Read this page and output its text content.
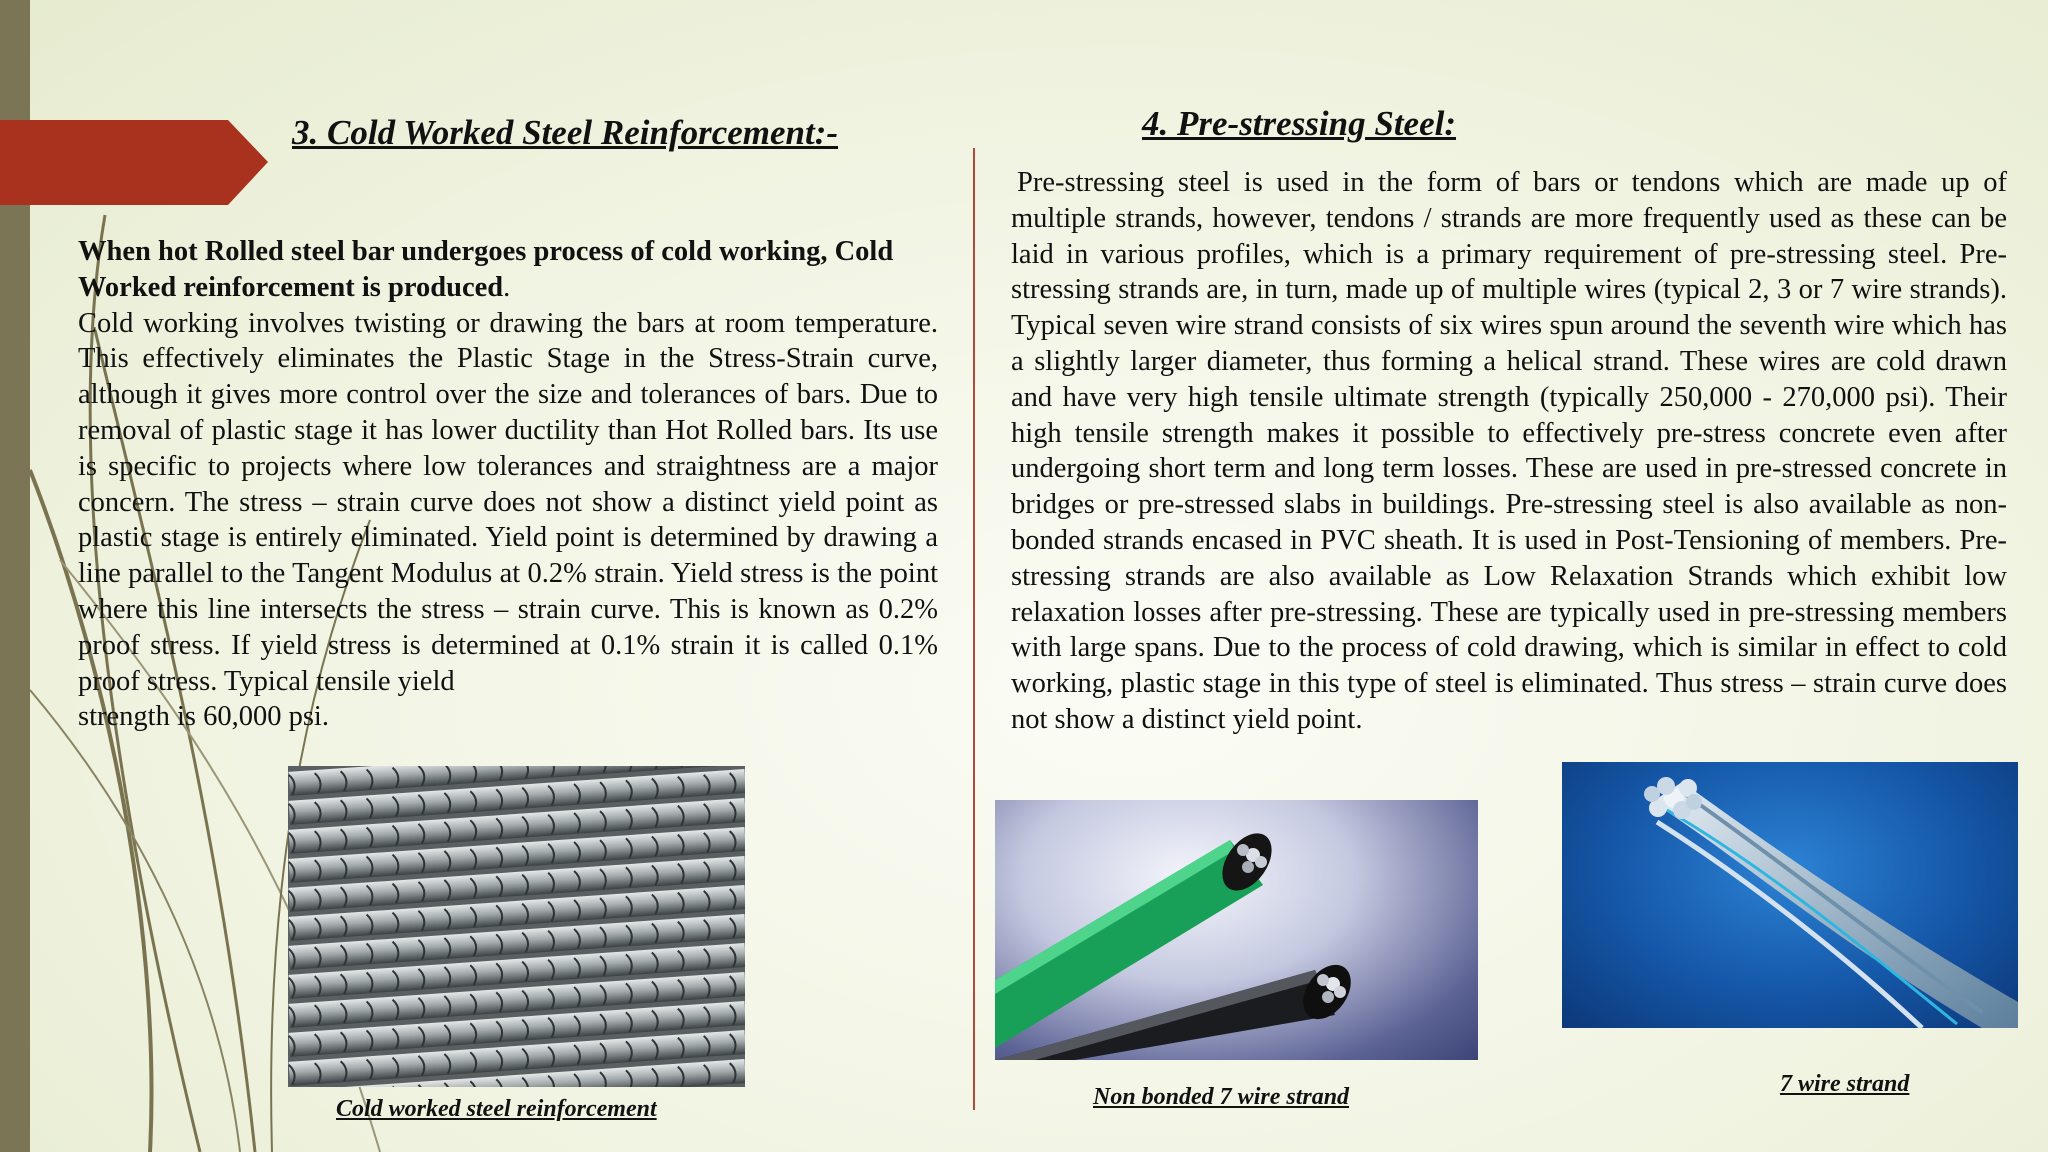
3. Cold Worked Steel Reinforcement:-
When hot Rolled steel bar undergoes process of cold working, Cold Worked reinforcement is produced.
Cold working involves twisting or drawing the bars at room temperature. This effectively eliminates the Plastic Stage in the Stress-Strain curve, although it gives more control over the size and tolerances of bars. Due to removal of plastic stage it has lower ductility than Hot Rolled bars. Its use is specific to projects where low tolerances and straightness are a major concern. The stress – strain curve does not show a distinct yield point as plastic stage is entirely eliminated. Yield point is determined by drawing a line parallel to the Tangent Modulus at 0.2% strain. Yield stress is the point where this line intersects the stress – strain curve. This is known as 0.2% proof stress. If yield stress is determined at 0.1% strain it is called 0.1% proof stress. Typical tensile yield
strength is 60,000 psi.
4. Pre-stressing Steel:

Pre-stressing steel is used in the form of bars or tendons which are made up of multiple strands, however, tendons / strands are more frequently used as these can be laid in various profiles, which is a primary requirement of pre-stressing steel. Pre-stressing strands are, in turn, made up of multiple wires (typical 2, 3 or 7 wire strands). Typical seven wire strand consists of six wires spun around the seventh wire which has a slightly larger diameter, thus forming a helical strand. These wires are cold drawn and have very high tensile ultimate strength (typically 250,000 - 270,000 psi). Their high tensile strength makes it possible to effectively pre-stress concrete even after undergoing short term and long term losses. These are used in pre-stressed concrete in bridges or pre-stressed slabs in buildings. Pre-stressing steel is also available as non-bonded strands encased in PVC sheath. It is used in Post-Tensioning of members. Pre-stressing strands are also available as Low Relaxation Strands which exhibit low relaxation losses after pre-stressing. These are typically used in pre-stressing members with large spans. Due to the process of cold drawing, which is similar in effect to cold working, plastic stage in this type of steel is eliminated. Thus stress – strain curve does not show a distinct yield point.

Cold worked steel reinforcement	Non bonded 7 wire strand	7 wire strand
